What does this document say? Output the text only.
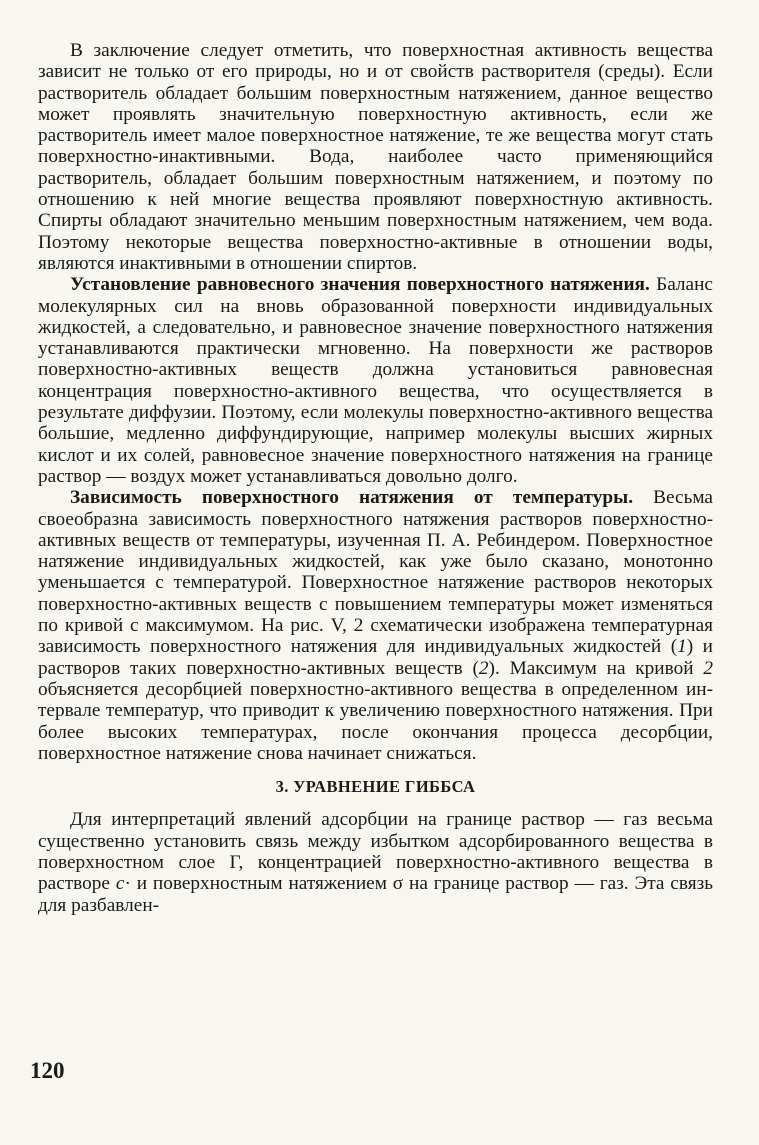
В заключение следует отметить, что поверхностная активность вещества зависит не только от его природы, но и от свойств растворителя (среды). Если растворитель обладает большим поверхностным натяжением, данное вещество может проявлять значительную поверхностную активность, если же растворитель имеет малое поверхностное натяжение, те же вещества могут стать поверхностно-инактивными. Вода, наиболее часто применяющийся растворитель, обладает большим поверхностным натяжением, и поэтому по отношению к ней многие вещества проявляют поверхностную активность. Спирты обладают значительно меньшим поверхностным натяжением, чем вода. Поэтому некоторые вещества поверхностно-активные в отношении воды, являются инактивными в отношении спиртов.

Установление равновесного значения поверхностного натяжения. Баланс молекулярных сил на вновь образованной поверхности индивидуальных жидкостей, а следовательно, и равновесное значение поверхностного натяжения устанавливаются практически мгновенно. На поверхности же растворов поверхностно-активных веществ должна установиться равновесная концентрация поверхностно-активного вещества, что осуществляется в результате диффузии. Поэтому, если молекулы поверхностно-активного вещества большие, медленно диффундирующие, например молекулы высших жирных кислот и их солей, равновесное значение поверхностного натяжения на границе раствор — воздух может устанавливаться довольно долго.

Зависимость поверхностного натяжения от температуры. Весьма своеобразна зависимость поверхностного натяжения растворов поверхностно-активных веществ от температуры, изученная П. А. Ребиндером. Поверхностное натяжение индивидуальных жидкостей, как уже было сказано, монотонно уменьшается с температурой. Поверхностное натяжение растворов некоторых поверхностно-активных веществ с повышением температуры может изменяться по кривой с максимумом. На рис. V, 2 схематически изображена температурная зависимость поверхностного натяжения для индивидуальных жидкостей (1) и растворов таких поверхностно-активных веществ (2). Максимум на кривой 2 объясняется десорбцией поверхностно-активного вещества в определенном интервале температур, что приводит к увеличению поверхностного натяжения. При более высоких температурах, после окончания процесса десорбции, поверхностное натяжение снова начинает снижаться.

3. УРАВНЕНИЕ ГИББСА

Для интерпретаций явлений адсорбции на границе раствор — газ весьма существенно установить связь между избытком адсорбированного вещества в поверхностном слое Г, концентрацией поверхностно-активного вещества в растворе с· и поверхностным натяжением σ на границе раствор — газ. Эта связь для разбавлен-

120
